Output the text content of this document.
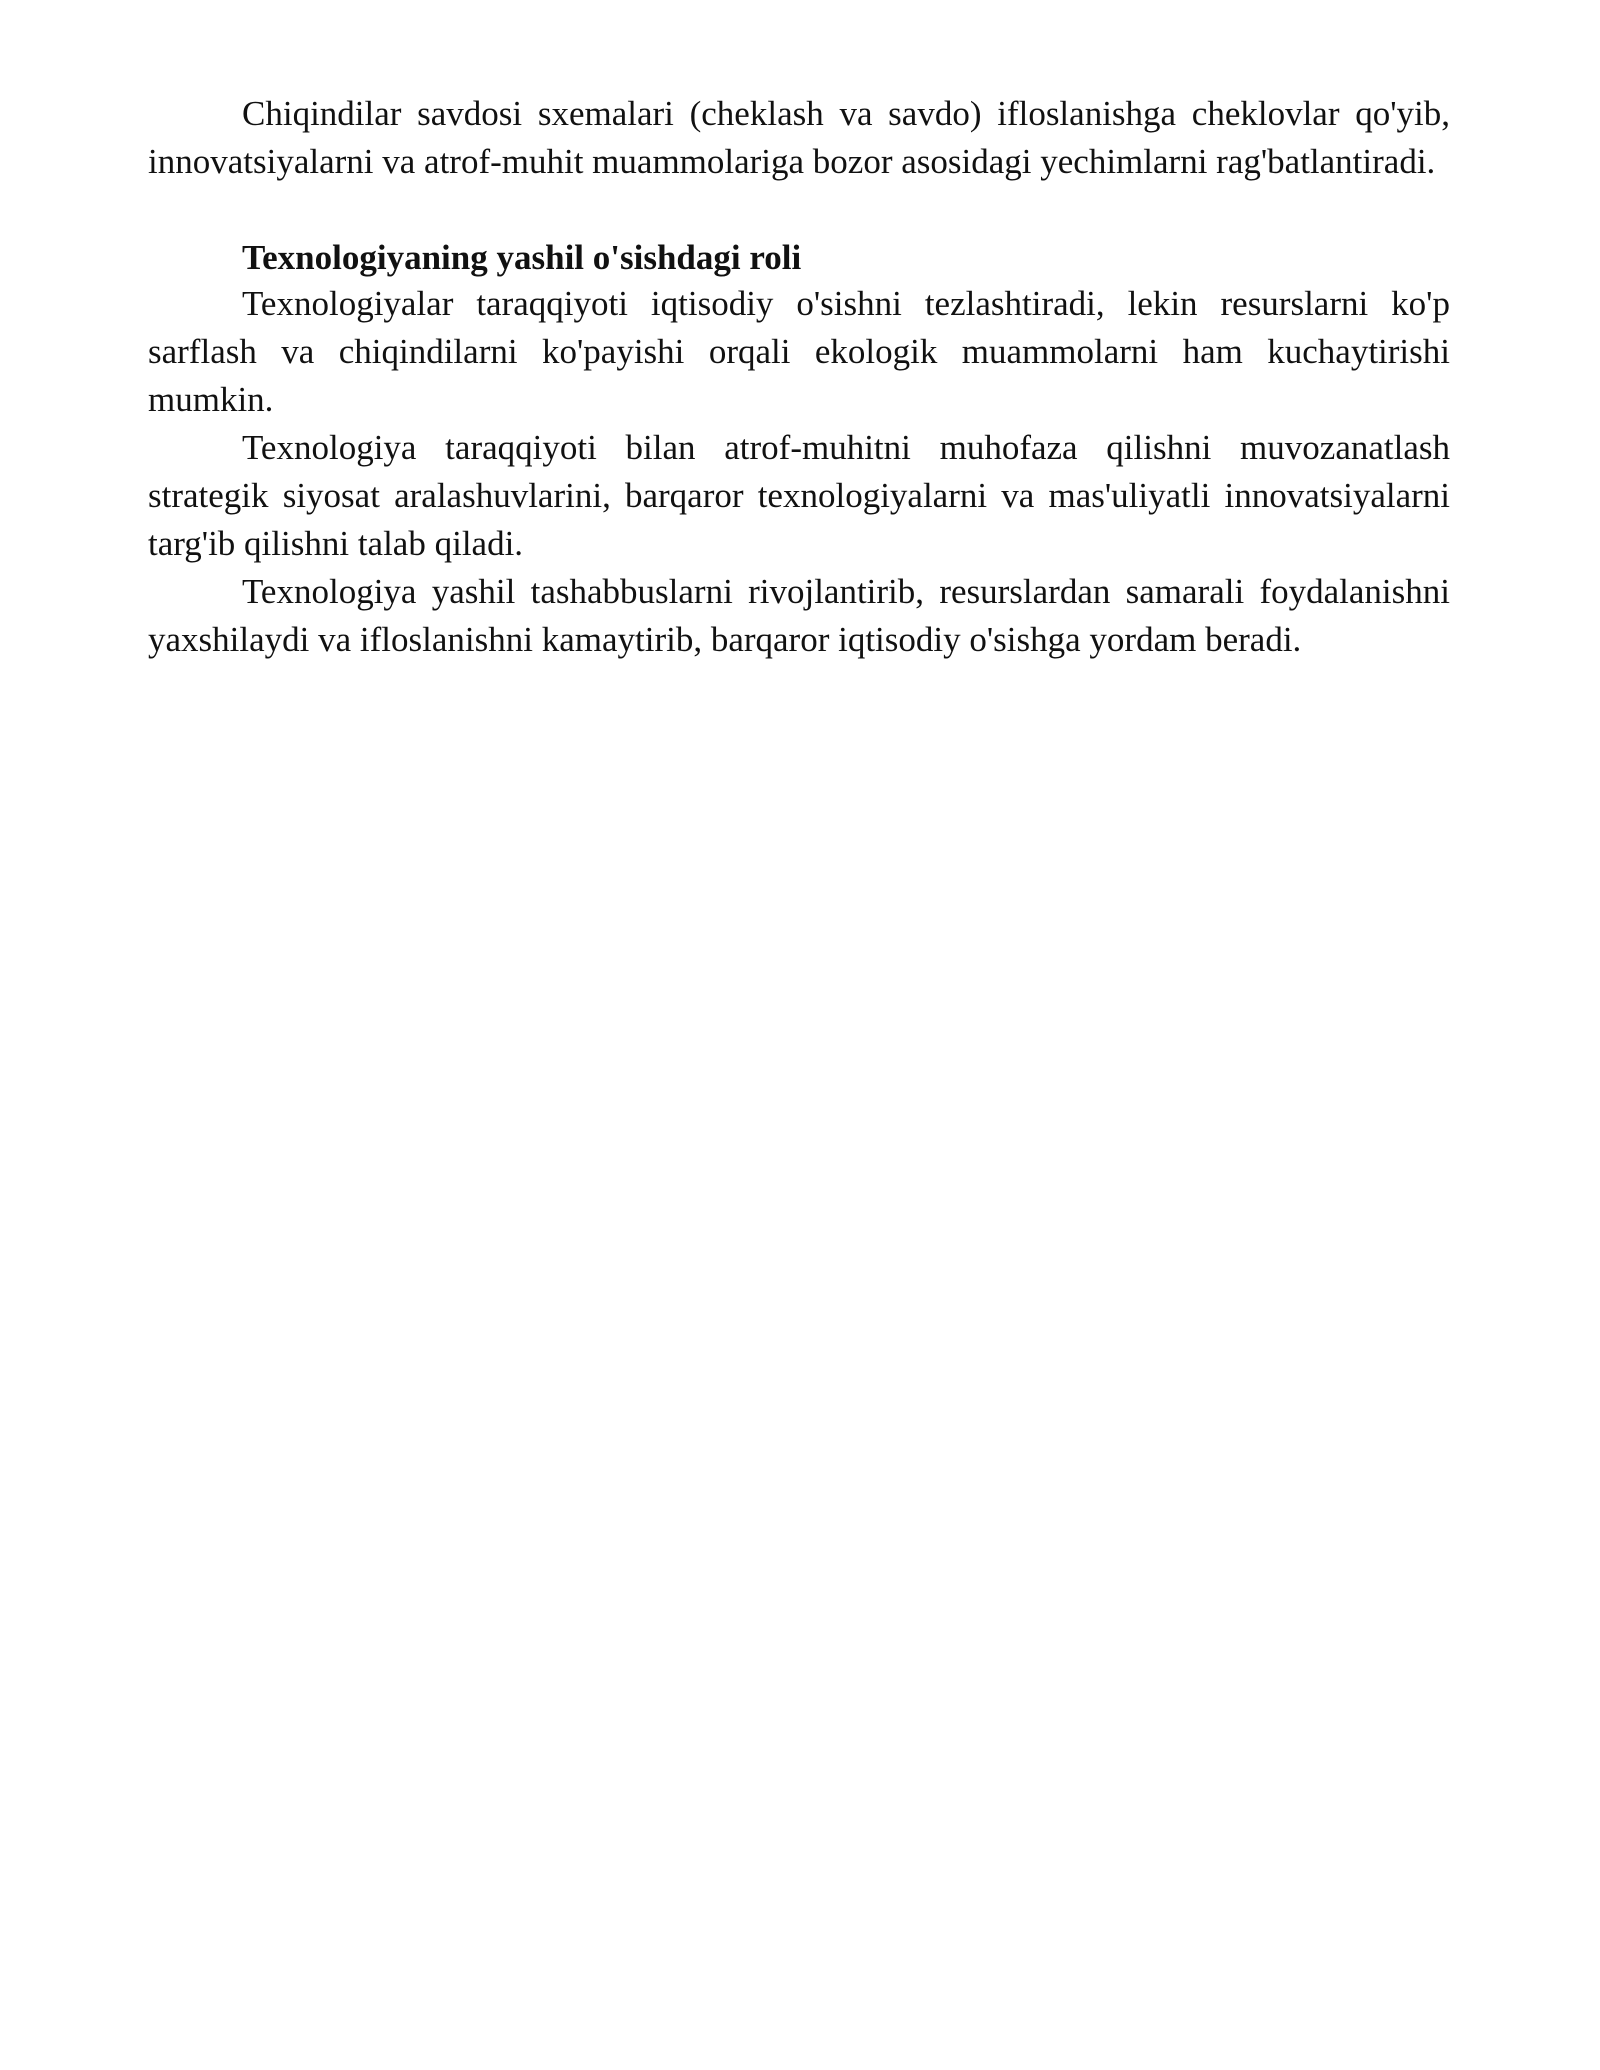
Chiqindilar savdosi sxemalari (cheklash va savdo) ifloslanishga cheklovlar qo'yib, innovatsiyalarni va atrof-muhit muammolariga bozor asosidagi yechimlarni rag'batlantiradi.

Texnologiyaning yashil o'sishdagi roli

Texnologiyalar taraqqiyoti iqtisodiy o'sishni tezlashtiradi, lekin resurslarni ko'p sarflash va chiqindilarni ko'payishi orqali ekologik muammolarni ham kuchaytirishi mumkin.

Texnologiya taraqqiyoti bilan atrof-muhitni muhofaza qilishni muvozanatlash strategik siyosat aralashuvlarini, barqaror texnologiyalarni va mas'uliyatli innovatsiyalarni targ'ib qilishni talab qiladi.

Texnologiya yashil tashabbuslarni rivojlantirib, resurslardan samarali foydalanishni yaxshilaydi va ifloslanishni kamaytirib, barqaror iqtisodiy o'sishga yordam beradi.
